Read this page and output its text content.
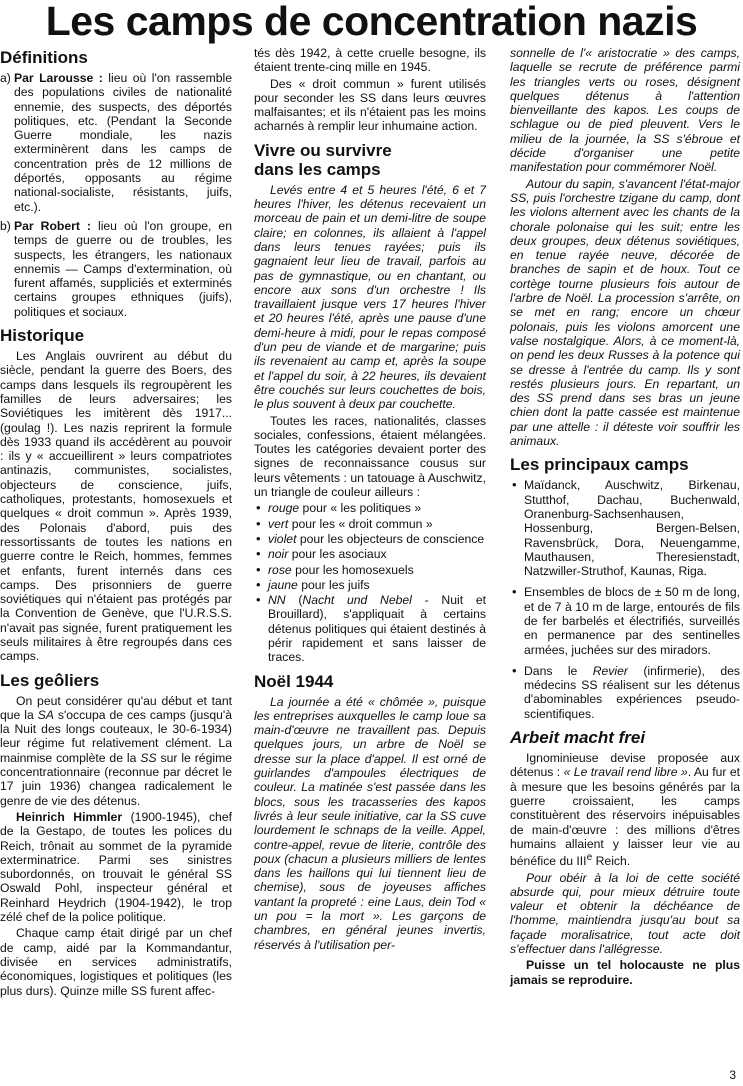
Les camps de concentration nazis
Définitions
a) Par Larousse : lieu où l'on rassemble des populations civiles de nationalité ennemie, des suspects, des déportés politiques, etc. (Pendant la Seconde Guerre mondiale, les nazis exterminèrent dans les camps de concentration près de 12 millions de déportés, opposants au régime national-socialiste, résistants, juifs, etc.).
b) Par Robert : lieu où l'on groupe, en temps de guerre ou de troubles, les suspects, les étrangers, les nationaux ennemis — Camps d'extermination, où furent affamés, suppliciés et exterminés certains groupes ethniques (juifs), politiques et sociaux.
Historique

Les Anglais ouvrirent au début du siècle, pendant la guerre des Boers, des camps dans lesquels ils regroupèrent les familles de leurs adversaires; les Soviétiques les imitèrent dès 1917... (goulag !). Les nazis reprirent la formule dès 1933 quand ils accédèrent au pouvoir : ils y « accueillirent » leurs compatriotes antinazis, communistes, socialistes, objecteurs de conscience, juifs, catholiques, protestants, homosexuels et quelques « droit commun ». Après 1939, des Polonais d'abord, puis des ressortissants de toutes les nations en guerre contre le Reich, hommes, femmes et enfants, furent internés dans ces camps. Des prisonniers de guerre soviétiques qui n'étaient pas protégés par la Convention de Genève, que l'U.R.S.S. n'avait pas signée, furent pratiquement les seuls militaires à être regroupés dans ces camps.

Les geôliers

On peut considérer qu'au début et tant que la SA s'occupa de ces camps (jusqu'à la Nuit des longs couteaux, le 30-6-1934) leur régime fut relativement clément. La mainmise complète de la SS sur le régime concentrationnaire (reconnue par décret le 17 juin 1936) changea radicalement le genre de vie des détenus.

Heinrich Himmler (1900-1945), chef de la Gestapo, de toutes les polices du Reich, trônait au sommet de la pyramide exterminatrice. Parmi ses sinistres subordonnés, on trouvait le général SS Oswald Pohl, inspecteur général et Reinhard Heydrich (1904-1942), le trop zélé chef de la police politique.

Chaque camp était dirigé par un chef de camp, aidé par la Kommandantur, divisée en services administratifs, économiques, logistiques et politiques (les plus durs). Quinze mille SS furent affec-

tés dès 1942, à cette cruelle besogne, ils étaient trente-cinq mille en 1945.

Des « droit commun » furent utilisés pour seconder les SS dans leurs œuvres malfaisantes; et ils n'étaient pas les moins acharnés à remplir leur inhumaine action.

Vivre ou survivre
dans les camps

Levés entre 4 et 5 heures l'été, 6 et 7 heures l'hiver, les détenus recevaient un morceau de pain et un demi-litre de soupe claire; en colonnes, ils allaient à l'appel dans leurs tenues rayées; puis ils gagnaient leur lieu de travail, parfois au pas de gymnastique, ou en chantant, ou encore aux sons d'un orchestre ! Ils travaillaient jusque vers 17 heures l'hiver et 20 heures l'été, après une pause d'une demi-heure à midi, pour le repas composé d'un peu de viande et de margarine; puis ils revenaient au camp et, après la soupe et l'appel du soir, à 22 heures, ils devaient être couchés sur leurs couchettes de bois, le plus souvent à deux par couchette.

Toutes les races, nationalités, classes sociales, confessions, étaient mélangées. Toutes les catégories devaient porter des signes de reconnaissance cousus sur leurs vêtements : un tatouage à Auschwitz, un triangle de couleur ailleurs :

• rouge pour « les politiques »
• vert pour les « droit commun »
• violet pour les objecteurs de conscience
• noir pour les asociaux
• rose pour les homosexuels
• jaune pour les juifs
• NN (Nacht und Nebel - Nuit et Brouillard), s'appliquait à certains détenus politiques qui étaient destinés à périr rapidement et sans laisser de traces.
Noël 1944

La journée a été « chômée », puisque les entreprises auxquelles le camp loue sa main-d'œuvre ne travaillent pas. Depuis quelques jours, un arbre de Noël se dresse sur la place d'appel. Il est orné de guirlandes d'ampoules électriques de couleur. La matinée s'est passée dans les blocs, sous les tracasseries des kapos livrés à leur seule initiative, car la SS cuve lourdement le schnaps de la veille. Appel, contre-appel, revue de literie, contrôle des poux (chacun a plusieurs milliers de lentes dans les haillons qui lui tiennent lieu de chemise), sous de joyeuses affiches vantant la propreté : eine Laus, dein Tod « un pou = la mort ». Les garçons de chambres, en général jeunes invertis, réservés à l'utilisation per-

sonnelle de l'« aristocratie » des camps, laquelle se recrute de préférence parmi les triangles verts ou roses, désignent quelques détenus à l'attention bienveillante des kapos. Les coups de schlague ou de pied pleuvent. Vers le milieu de la journée, la SS s'ébroue et décide d'organiser une petite manifestation pour commémorer Noël.

Autour du sapin, s'avancent l'état-major SS, puis l'orchestre tzigane du camp, dont les violons alternent avec les chants de la chorale polonaise qui les suit; entre les deux groupes, deux détenus soviétiques, en tenue rayée neuve, décorée de branches de sapin et de houx. Tout ce cortège tourne plusieurs fois autour de l'arbre de Noël. La procession s'arrête, on se met en rang; encore un chœur polonais, puis les violons amorcent une valse nostalgique. Alors, à ce moment-là, on pend les deux Russes à la potence qui se dresse à l'entrée du camp. Ils y sont restés plusieurs jours. En repartant, un des SS prend dans ses bras un jeune chien dont la patte cassée est maintenue par une attelle : il déteste voir souffrir les animaux.

Les principaux camps
• Maïdanck, Auschwitz, Birkenau, Stutthof, Dachau, Buchenwald, Oranenburg-Sachsenhausen, Hossenburg, Bergen-Belsen, Ravensbrück, Dora, Neuengamme, Mauthausen, Theresienstadt, Natzwiller-Struthof, Kaunas, Riga.
• Ensembles de blocs de ± 50 m de long, et de 7 à 10 m de large, entourés de fils de fer barbelés et électrifiés, surveillés en permanence par des sentinelles armées, juchées sur des miradors.
• Dans le Revier (infirmerie), des médecins SS réalisent sur les détenus d'abominables expériences pseudo-scientifiques.
Arbeit macht frei

Ignominieuse devise proposée aux détenus : « Le travail rend libre ». Au fur et à mesure que les besoins générés par la guerre croissaient, les camps constituèrent des réservoirs inépuisables de main-d'œuvre : des millions d'êtres humains allaient y laisser leur vie au bénéfice du IIIe Reich.

Pour obéir à la loi de cette société absurde qui, pour mieux détruire toute valeur et obtenir la déchéance de l'homme, maintiendra jusqu'au bout sa façade moralisatrice, tout acte doit s'effectuer dans l'allégresse.

Puisse un tel holocauste ne plus jamais se reproduire.

3
